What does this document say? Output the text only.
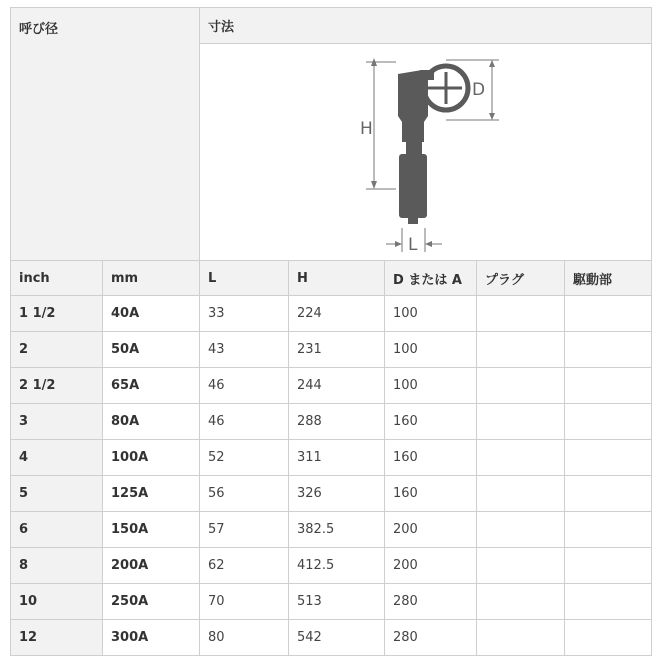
呼び径		寸法				

H
D
L				

inch	mm	L	H	D または A	プラグ	駆動部
1 1/2	40A	33	224	100		
2	50A	43	231	100		
2 1/2	65A	46	244	100		
3	80A	46	288	160		
4	100A	52	311	160		
5	125A	56	326	160		
6	150A	57	382.5	200		
8	200A	62	412.5	200		
10	250A	70	513	280		
12	300A	80	542	280		
